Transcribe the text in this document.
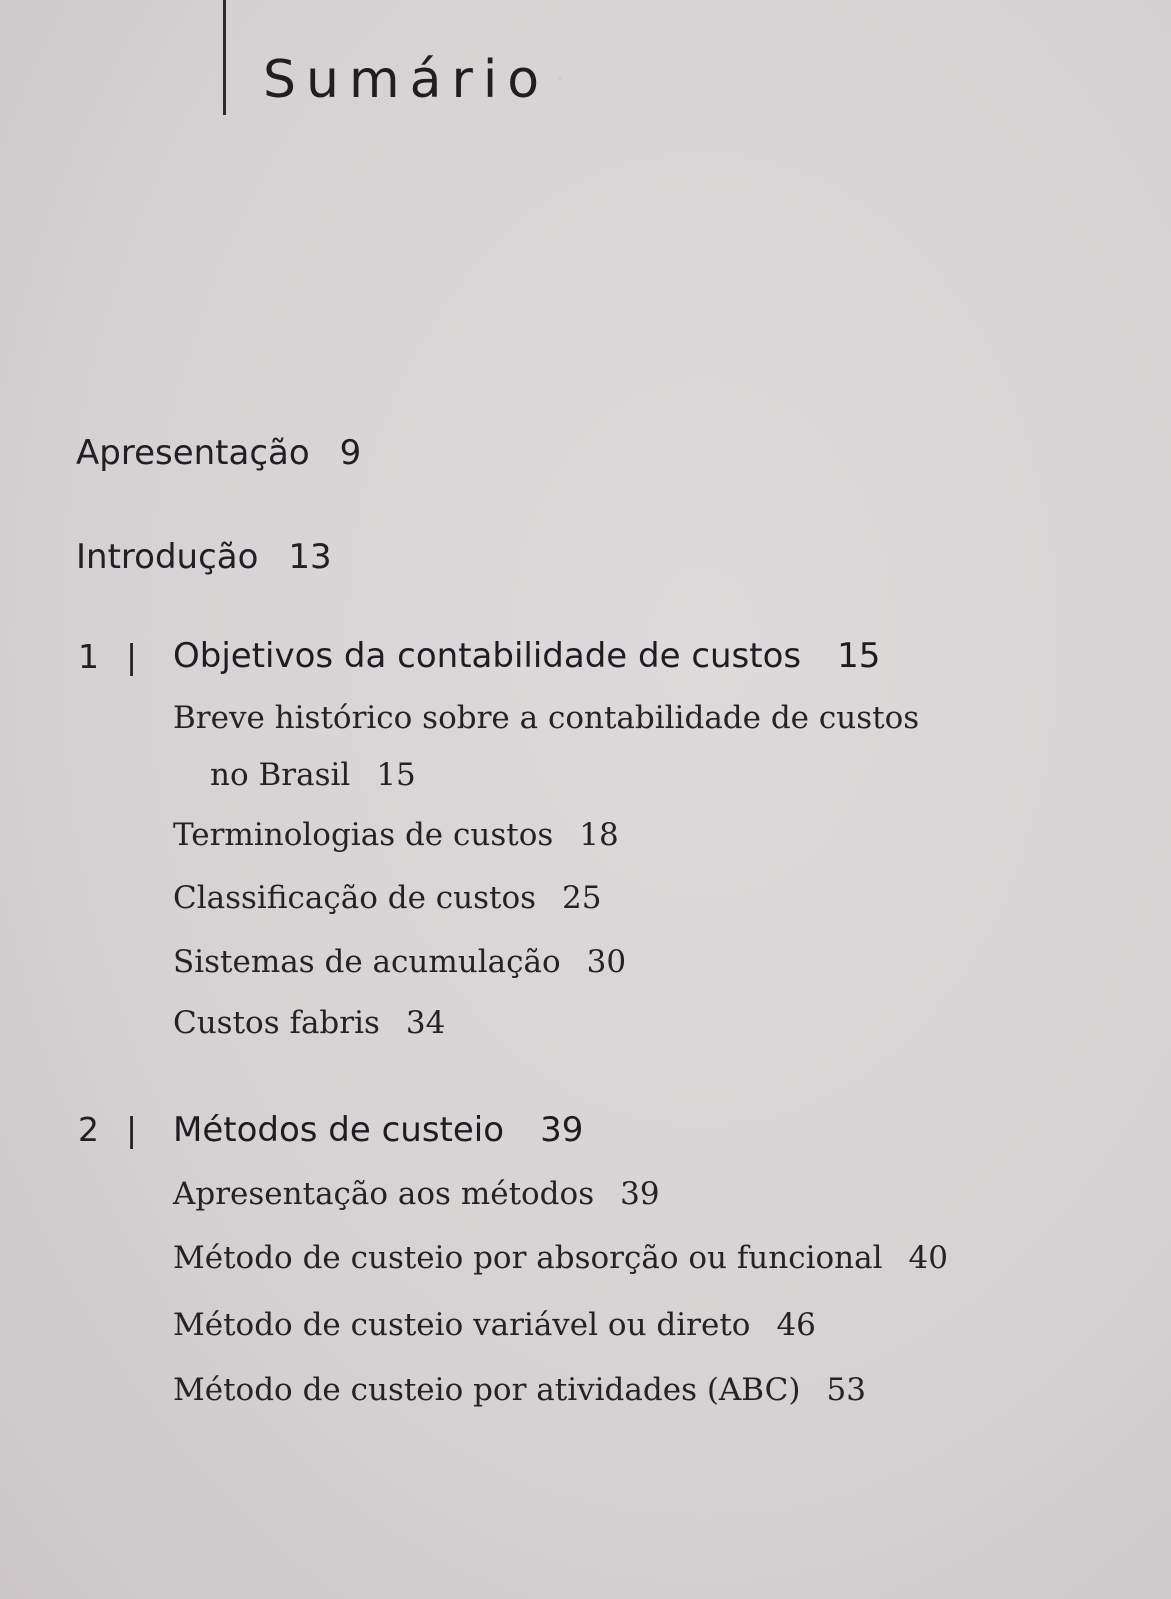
Sumário
Apresentação 9
Introdução 13
1 | Objetivos da contabilidade de custos 15
Breve histórico sobre a contabilidade de custos
no Brasil 15
Terminologias de custos 18
Classificação de custos 25
Sistemas de acumulação 30
Custos fabris 34
2 | Métodos de custeio 39
Apresentação aos métodos 39
Método de custeio por absorção ou funcional 40
Método de custeio variável ou direto 46
Método de custeio por atividades (ABC) 53
